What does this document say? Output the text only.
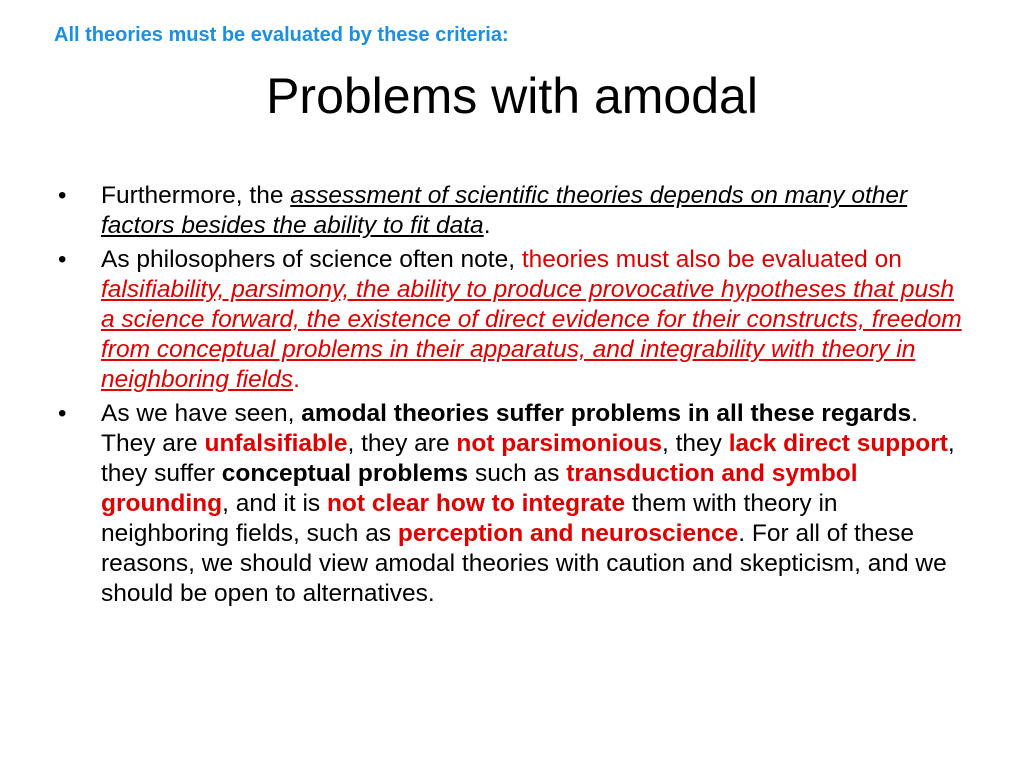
All theories must be evaluated by these criteria:
Problems with amodal
• Furthermore, the assessment of scientific theories depends on many other factors besides the ability to fit data.
• As philosophers of science often note, theories must also be evaluated on falsifiability, parsimony, the ability to produce provocative hypotheses that push a science forward, the existence of direct evidence for their constructs, freedom from conceptual problems in their apparatus, and integrability with theory in neighboring fields.
• As we have seen, amodal theories suffer problems in all these regards. They are unfalsifiable, they are not parsimonious, they lack direct support, they suffer conceptual problems such as transduction and symbol grounding, and it is not clear how to integrate them with theory in neighboring fields, such as perception and neuroscience. For all of these reasons, we should view amodal theories with caution and skepticism, and we should be open to alternatives.
